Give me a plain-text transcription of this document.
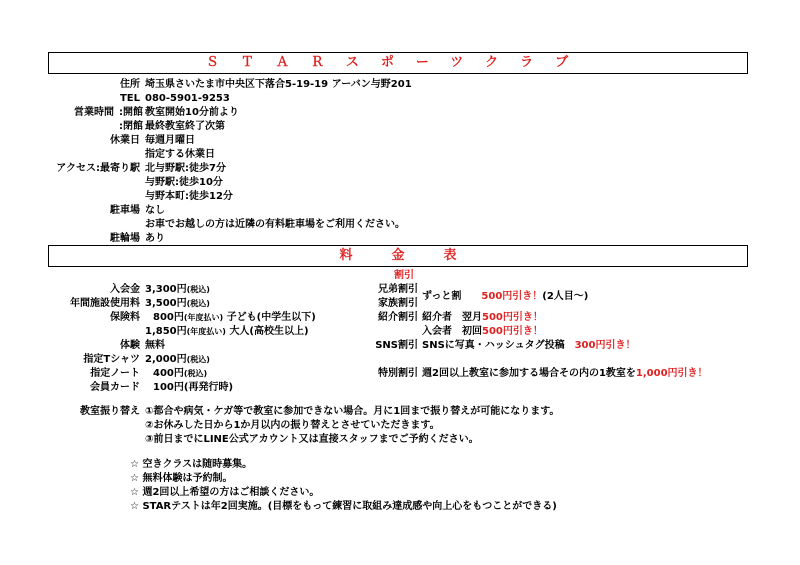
ＳＴＡＲスポーツクラブ
住所 埼玉県さいたま市中央区下落合5-19-19 アーバン与野201
TEL 080-5901-9253
営業時間 :開館 教室開始10分前より
:閉館 最終教室終了次第
休業日 毎週月曜日
指定する休業日
アクセス:最寄り駅 北与野駅:徒歩7分
与野駅:徒歩10分
与野本町:徒歩12分
駐車場 なし
お車でお越しの方は近隣の有料駐車場をご利用ください。
駐輪場 あり
料　　　金　　　表
割引
入会金 3,300円(税込)
年間施設使用料 3,500円(税込)
保険料 800円(年度払い) 子ども(中学生以下)
1,850円(年度払い) 大人(高校生以上)
体験 無料
指定Tシャツ 2,000円(税込)
指定ノート 400円(税込)
会員カード 100円(再発行時)
兄弟割引
家族割引
ずっと割　　 500円引き！(2人目〜)
紹介割引 紹介者　 翌月500円引き！
入会者　 初回500円引き！
SNS割引 SNSに写真・ハッシュタグ投稿　 300円引き！
特別割引 週2回以上教室に参加する場合その内の1教室を1,000円引き！
教室振り替え ①都合や病気・ケガ等で教室に参加できない場合。月に1回まで振り替えが可能になります。
②お休みした日から1か月以内の振り替えとさせていただきます。
③前日までにLINE公式アカウント又は直接スタッフまでご予約ください。
☆ 空きクラスは随時募集。
☆ 無料体験は予約制。
☆ 週2回以上希望の方はご相談ください。
☆ STARテストは年2回実施。(目標をもって練習に取組み達成感や向上心をもつことができる)
